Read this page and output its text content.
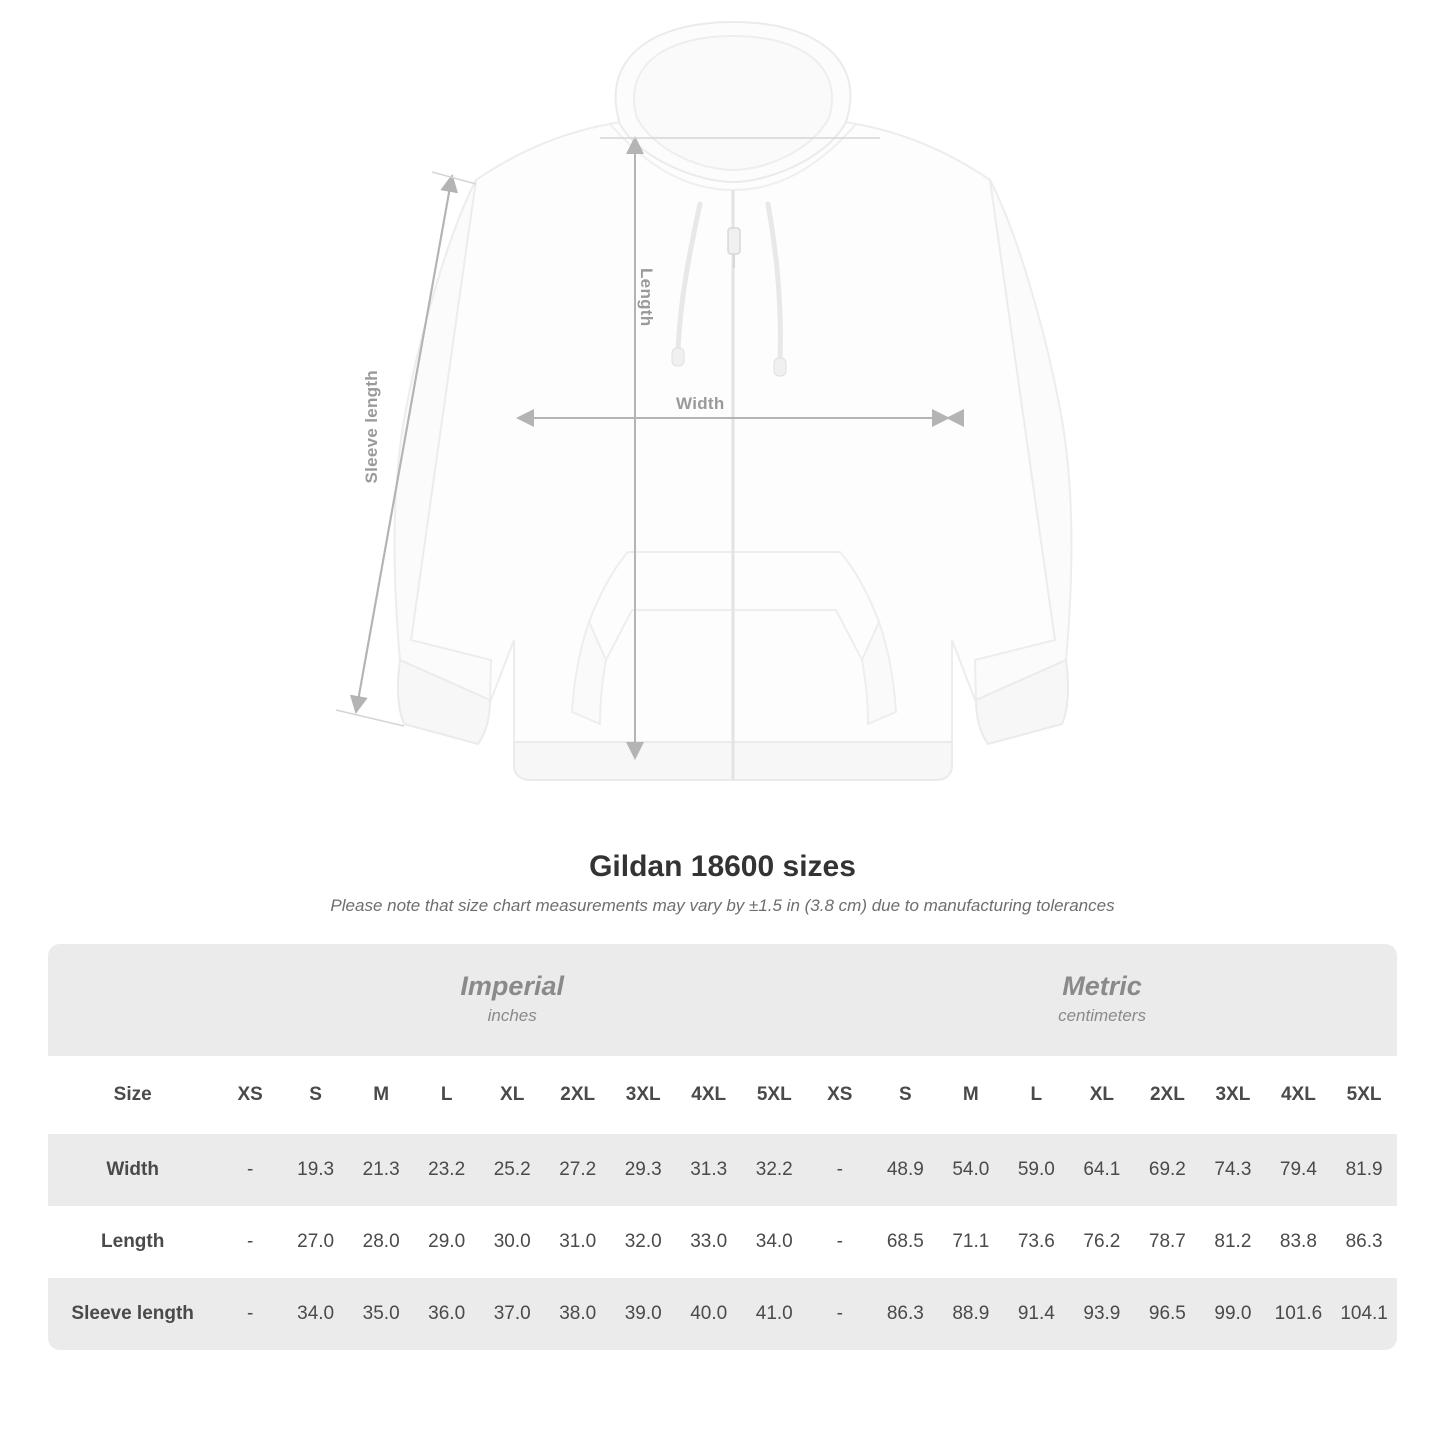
Width
Length
Sleeve length
Gildan 18600 sizes

Please note that size chart measurements may vary by ±1.5 in (3.8 cm) due to manufacturing tolerances

Imperial
inches

Metric
centimeters

Size	XS	S	M	L	XL	2XL	3XL	4XL	5XL	XS	S	M	L	XL	2XL	3XL	4XL	5XL
Width	-	19.3	21.3	23.2	25.2	27.2	29.3	31.3	32.2	-	48.9	54.0	59.0	64.1	69.2	74.3	79.4	81.9
Length	-	27.0	28.0	29.0	30.0	31.0	32.0	33.0	34.0	-	68.5	71.1	73.6	76.2	78.7	81.2	83.8	86.3
Sleeve length	-	34.0	35.0	36.0	37.0	38.0	39.0	40.0	41.0	-	86.3	88.9	91.4	93.9	96.5	99.0	101.6	104.1
